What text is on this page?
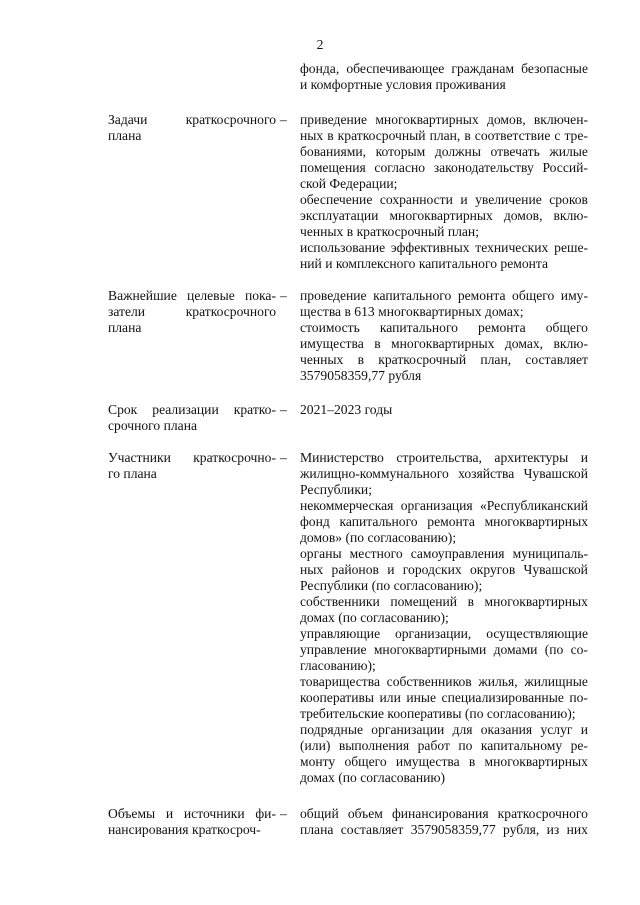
2
фонда, обеспечивающее гражданам безопасные
и комфортные условия проживания
Задачи	краткосрочного
плана
– приведение многоквартирных домов, включен-
ных в краткосрочный план, в соответствие с тре-
бованиями, которым должны отвечать жилые
помещения согласно законодательству Россий-
ской Федерации;
обеспечение сохранности и увеличение сроков
эксплуатации многоквартирных домов, вклю-
ченных в краткосрочный план;
использование эффективных технических реше-
ний и комплексного капитального ремонта
Важнейшие целевые пока-
затели	краткосрочного
плана
– проведение капитального ремонта общего иму-
щества в 613 многоквартирных домах;
стоимость капитального ремонта общего
имущества в многоквартирных домах, вклю-
ченных в краткосрочный план, составляет
3579058359,77 рубля
Срок реализации кратко-
срочного плана
– 2021–2023 годы
Участники краткосрочно-
го плана
– Министерство строительства, архитектуры и
жилищно-коммунального хозяйства Чувашской
Республики;
некоммерческая организация «Республиканский
фонд капитального ремонта многоквартирных
домов» (по согласованию);
органы местного самоуправления муниципаль-
ных районов и городских округов Чувашской
Республики (по согласованию);
собственники помещений в многоквартирных
домах (по согласованию);
управляющие организации, осуществляющие
управление многоквартирными домами (по со-
гласованию);
товарищества собственников жилья, жилищные
кооперативы или иные специализированные по-
требительские кооперативы (по согласованию);
подрядные организации для оказания услуг и
(или) выполнения работ по капитальному ре-
монту общего имущества в многоквартирных
домах (по согласованию)
Объемы и источники фи-
нансирования краткосроч-
– общий объем финансирования краткосрочного
плана составляет 3579058359,77 рубля, из них
